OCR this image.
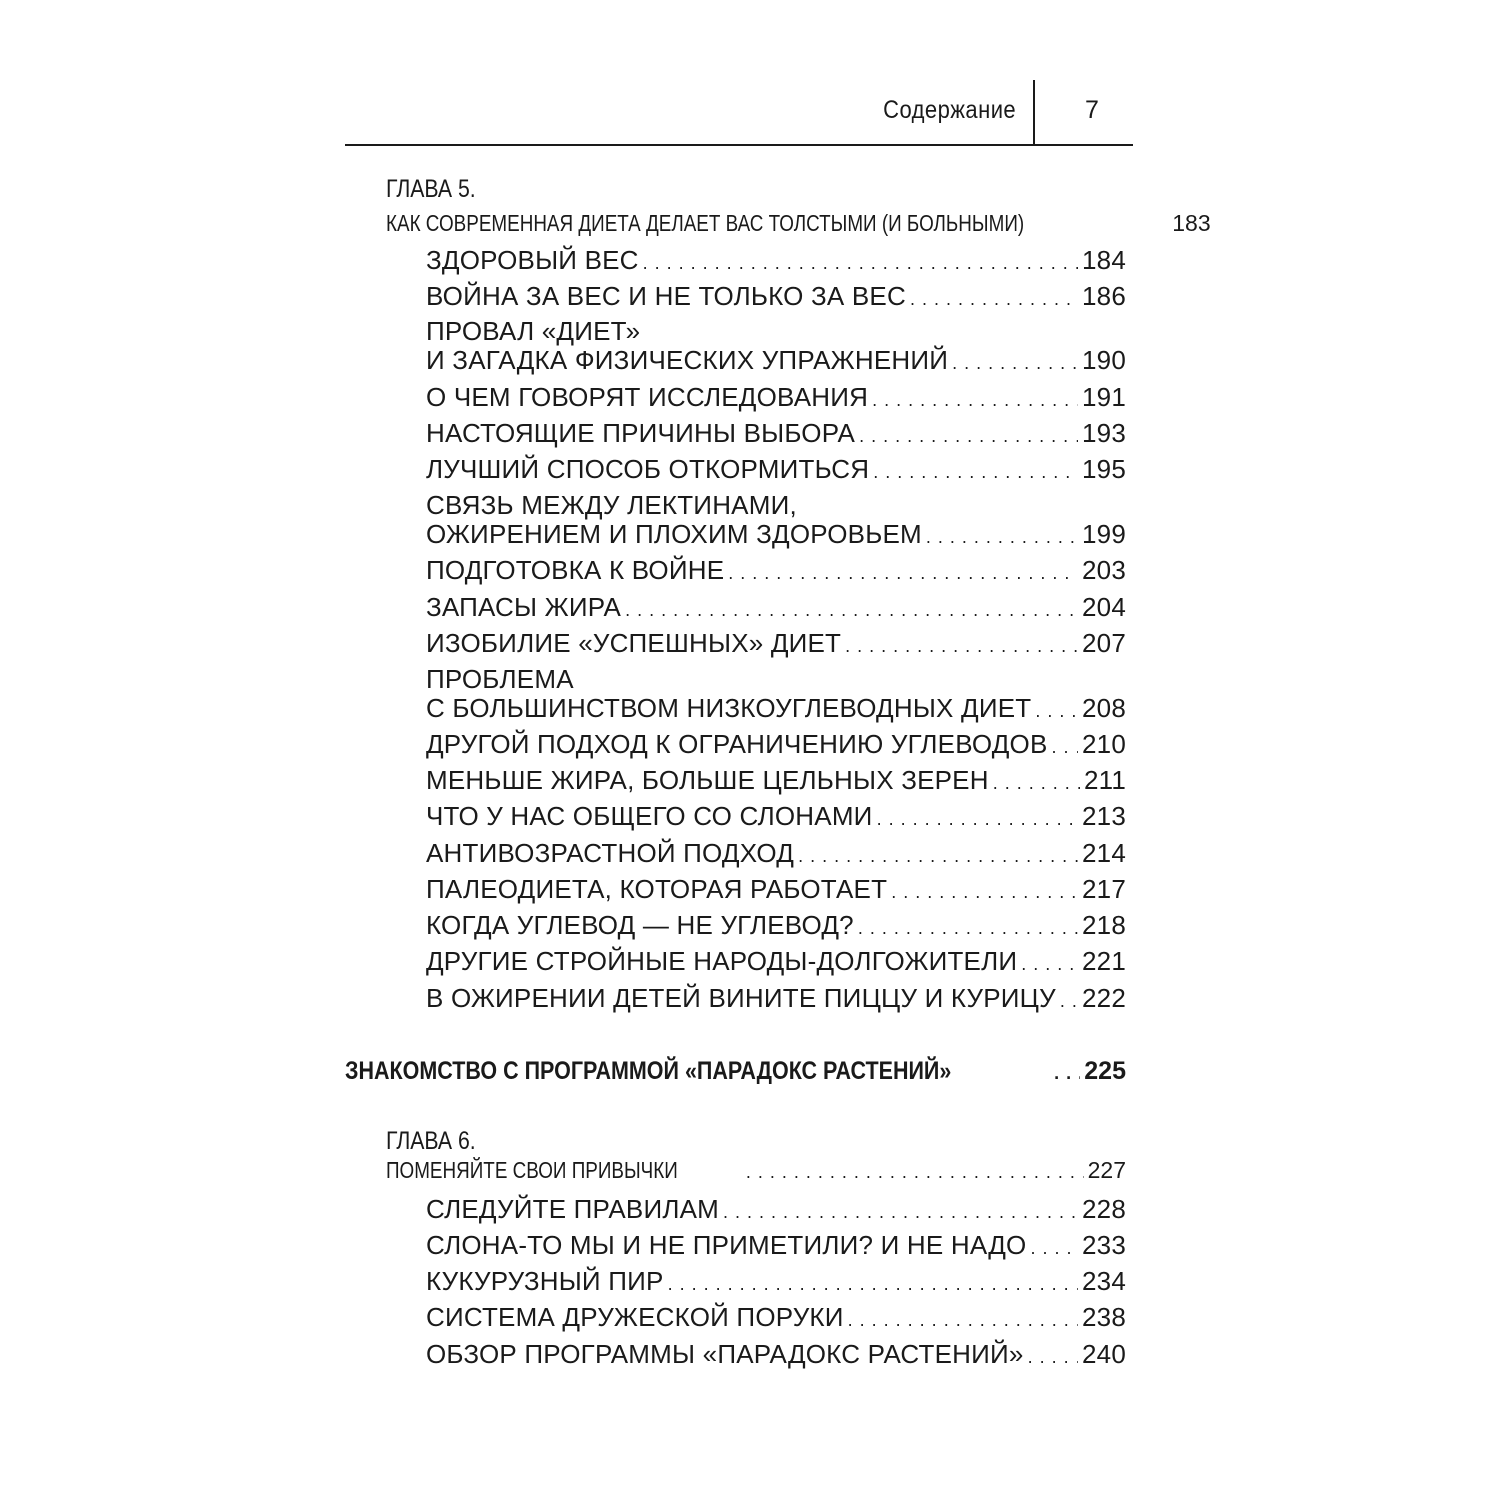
Содержание	7
ГЛАВА 5.
КАК СОВРЕМЕННАЯ ДИЕТА ДЕЛАЕТ ВАС ТОЛСТЫМИ (И БОЛЬНЫМИ)	183
ЗДОРОВЫЙ ВЕС . . .	184
ВОЙНА ЗА ВЕС И НЕ ТОЛЬКО ЗА ВЕС . . .	186
ПРОВАЛ «ДИЕТ»
И ЗАГАДКА ФИЗИЧЕСКИХ УПРАЖНЕНИЙ . . .	190
О ЧЕМ ГОВОРЯТ ИССЛЕДОВАНИЯ . . .	191
НАСТОЯЩИЕ ПРИЧИНЫ ВЫБОРА . . .	193
ЛУЧШИЙ СПОСОБ ОТКОРМИТЬСЯ . . .	195
СВЯЗЬ МЕЖДУ ЛЕКТИНАМИ,
ОЖИРЕНИЕМ И ПЛОХИМ ЗДОРОВЬЕМ . . .	199
ПОДГОТОВКА К ВОЙНЕ . . .	203
ЗАПАСЫ ЖИРА . . .	204
ИЗОБИЛИЕ «УСПЕШНЫХ» ДИЕТ . . .	207
ПРОБЛЕМА
С БОЛЬШИНСТВОМ НИЗКОУГЛЕВОДНЫХ ДИЕТ . . . 208
ДРУГОЙ ПОДХОД К ОГРАНИЧЕНИЮ УГЛЕВОДОВ . . . 210
МЕНЬШЕ ЖИРА, БОЛЬШЕ ЦЕЛЬНЫХ ЗЕРЕН . . .	211
ЧТО У НАС ОБЩЕГО СО СЛОНАМИ . . .	213
АНТИВОЗРАСТНОЙ ПОДХОД . . .	214
ПАЛЕОДИЕТА, КОТОРАЯ РАБОТАЕТ . . .	217
КОГДА УГЛЕВОД — НЕ УГЛЕВОД? . . .	218
ДРУГИЕ СТРОЙНЫЕ НАРОДЫ-ДОЛГОЖИТЕЛИ . . . 221
В ОЖИРЕНИИ ДЕТЕЙ ВИНИТЕ ПИЦЦУ И КУРИЦУ . . . 222
ЗНАКОМСТВО С ПРОГРАММОЙ «ПАРАДОКС РАСТЕНИЙ» . . .	225
ГЛАВА 6.
ПОМЕНЯЙТЕ СВОИ ПРИВЫЧКИ . . .	227
СЛЕДУЙТЕ ПРАВИЛАМ . . .	228
СЛОНА-ТО МЫ И НЕ ПРИМЕТИЛИ? И НЕ НАДО . . . 233
КУКУРУЗНЫЙ ПИР . . .	234
СИСТЕМА ДРУЖЕСКОЙ ПОРУКИ . . .	238
ОБЗОР ПРОГРАММЫ «ПАРАДОКС РАСТЕНИЙ» . . . 240
